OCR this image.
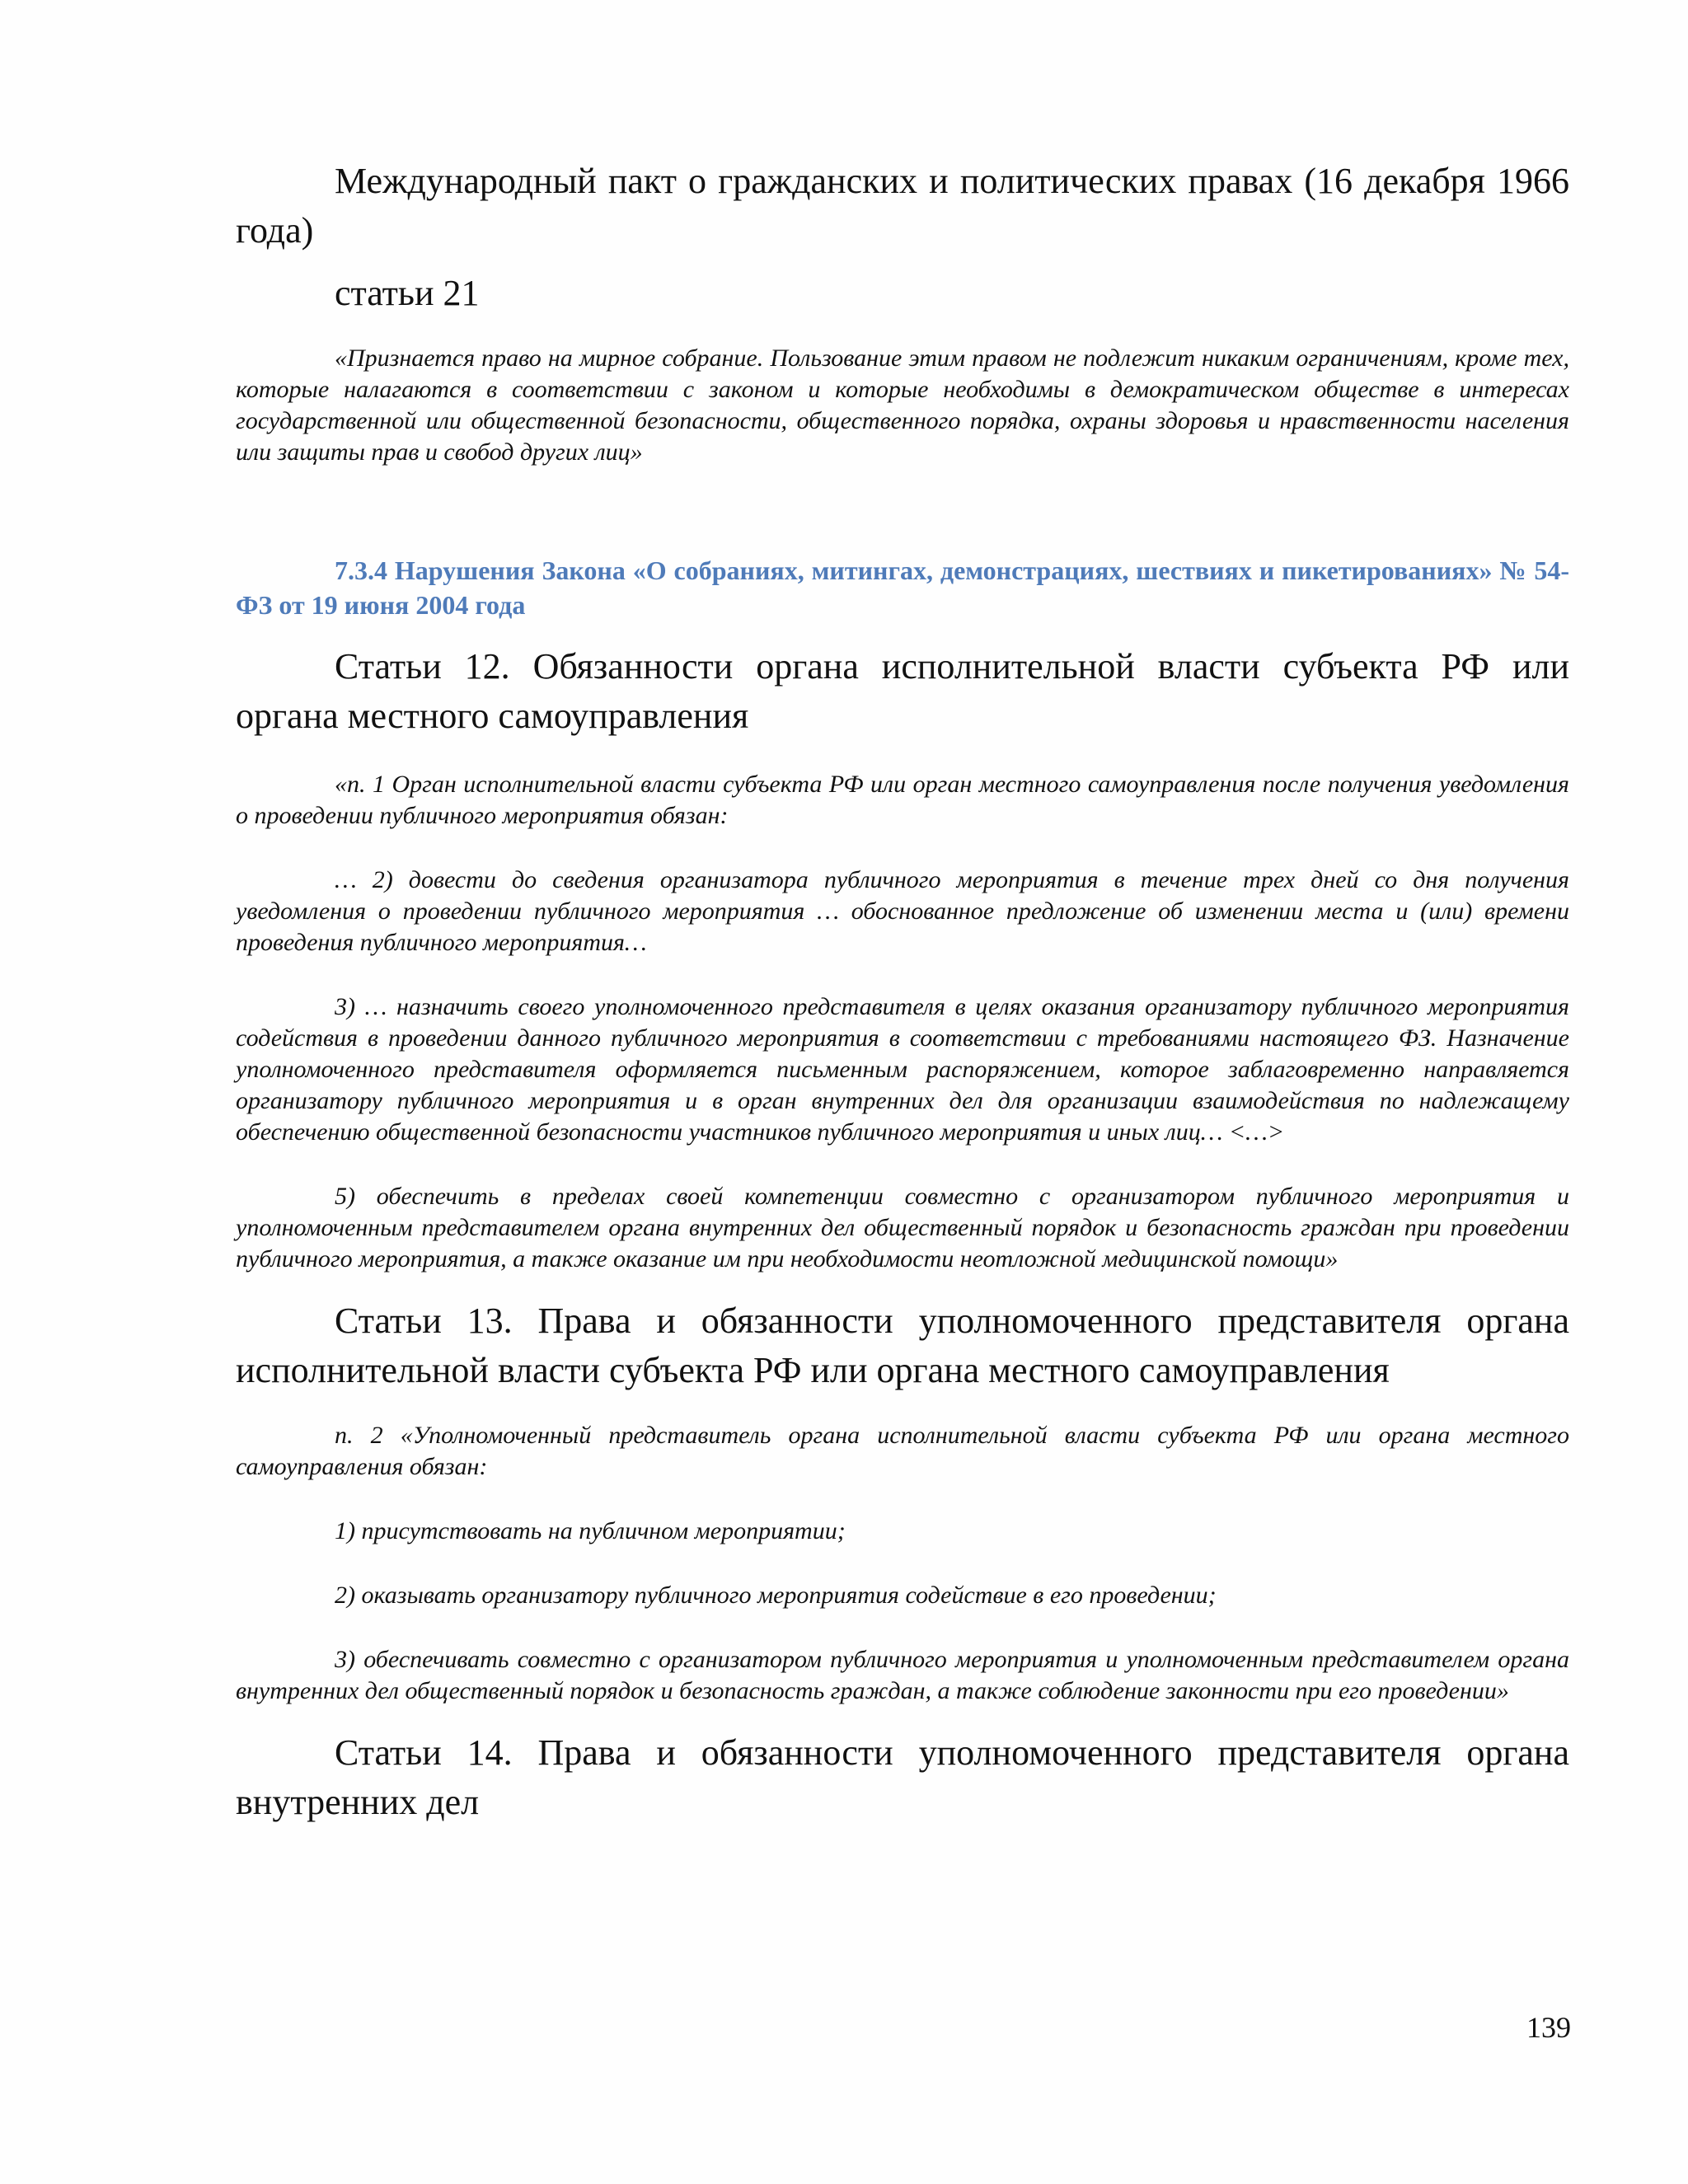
Международный пакт о гражданских и политических правах (16 декабря 1966 года)

статьи 21

«Признается право на мирное собрание. Пользование этим правом не подлежит никаким ограничениям, кроме тех, которые налагаются в соответствии с законом и которые необходимы в демократическом обществе в интересах государственной или общественной безопасности, общественного порядка, охраны здоровья и нравственности населения или защиты прав и свобод других лиц»

7.3.4 Нарушения Закона «О собраниях, митингах, демонстрациях, шествиях и пикетированиях» № 54-ФЗ от 19 июня 2004 года

Статьи 12. Обязанности органа исполнительной власти субъекта РФ или органа местного самоуправления

«п. 1 Орган исполнительной власти субъекта РФ или орган местного самоуправления после получения уведомления о проведении публичного мероприятия обязан:

… 2) довести до сведения организатора публичного мероприятия в течение трех дней со дня получения уведомления о проведении публичного мероприятия … обоснованное предложение об изменении места и (или) времени проведения публичного мероприятия…

3) … назначить своего уполномоченного представителя в целях оказания организатору публичного мероприятия содействия в проведении данного публичного мероприятия в соответствии с требованиями настоящего ФЗ. Назначение уполномоченного представителя оформляется письменным распоряжением, которое заблаговременно направляется организатору публичного мероприятия и в орган внутренних дел для организации взаимодействия по надлежащему обеспечению общественной безопасности участников публичного мероприятия и иных лиц… <…>

5) обеспечить в пределах своей компетенции совместно с организатором публичного мероприятия и уполномоченным представителем органа внутренних дел общественный порядок и безопасность граждан при проведении публичного мероприятия, а также оказание им при необходимости неотложной медицинской помощи»

Статьи 13. Права и обязанности уполномоченного представителя органа исполнительной власти субъекта РФ или органа местного самоуправления

п. 2 «Уполномоченный представитель органа исполнительной власти субъекта РФ или органа местного самоуправления обязан:

1) присутствовать на публичном мероприятии;

2) оказывать организатору публичного мероприятия содействие в его проведении;

3) обеспечивать совместно с организатором публичного мероприятия и уполномоченным представителем органа внутренних дел общественный порядок и безопасность граждан, а также соблюдение законности при его проведении»

Статьи 14. Права и обязанности уполномоченного представителя органа внутренних дел

139
